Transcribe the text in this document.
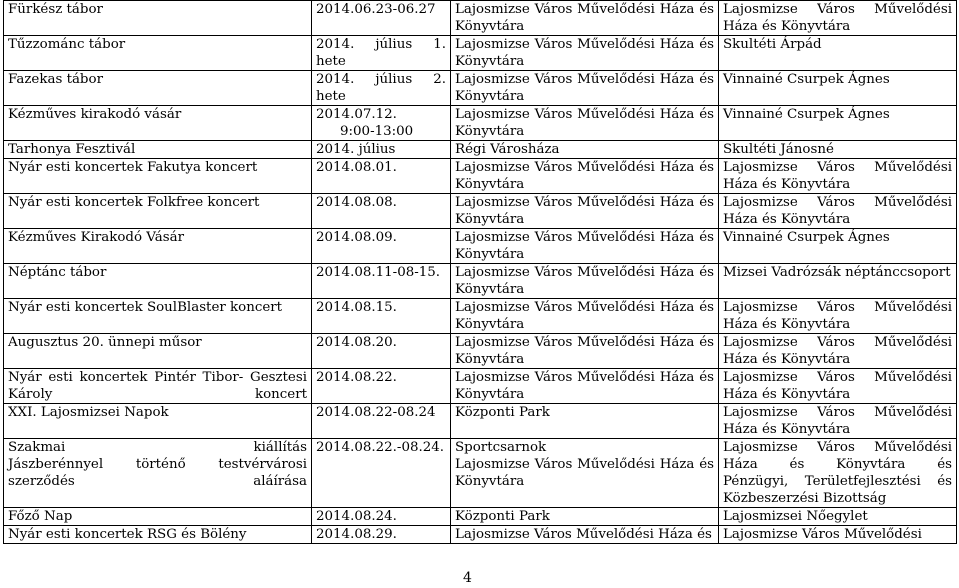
Fürkész tábor	2014.06.23-06.27	Lajosmizse Város Művelődési Háza és
Könyvtára	Lajosmizse Város Művelődési
Háza és Könyvtára

Tűzzománc tábor	2014. július 1. hete	Lajosmizse Város Művelődési Háza és
Könyvtára	Skultéti Árpád

Fazekas tábor	2014. július 2. hete	Lajosmizse Város Művelődési Háza és
Könyvtára	Vinnainé Csurpek Ágnes

Kézműves kirakodó vásár	2014.07.12.
9:00-13:00	Lajosmizse Város Művelődési Háza és
Könyvtára	Vinnainé Csurpek Ágnes

Tarhonya Fesztivál	2014. július	Régi Városháza	Skultéti Jánosné

Nyár esti koncertek Fakutya koncert	2014.08.01.	Lajosmizse Város Művelődési Háza és
Könyvtára	Lajosmizse Város Művelődési
Háza és Könyvtára

Nyár esti koncertek Folkfree koncert	2014.08.08.	Lajosmizse Város Művelődési Háza és
Könyvtára	Lajosmizse Város Művelődési
Háza és Könyvtára

Kézműves Kirakodó Vásár	2014.08.09.	Lajosmizse Város Művelődési Háza és
Könyvtára	Vinnainé Csurpek Ágnes

Néptánc tábor	2014.08.11-08-15.	Lajosmizse Város Művelődési Háza és
Könyvtára	Mizsei Vadrózsák néptánccsoport

Nyár esti koncertek SoulBlaster koncert	2014.08.15.	Lajosmizse Város Művelődési Háza és
Könyvtára	Lajosmizse Város Művelődési
Háza és Könyvtára

Augusztus 20. ünnepi műsor	2014.08.20.	Lajosmizse Város Művelődési Háza és
Könyvtára	Lajosmizse Város Művelődési
Háza és Könyvtára

Nyár esti koncertek Pintér Tibor- Gesztesi
Károly koncert	2014.08.22.	Lajosmizse Város Művelődési Háza és
Könyvtára	Lajosmizse Város Művelődési
Háza és Könyvtára

XXI. Lajosmizsei Napok	2014.08.22-08.24	Központi Park	Lajosmizse Város Művelődési
Háza és Könyvtára

Szakmai kiállítás
Jászberénnyel történő testvérvárosi
szerződés aláírása	2014.08.22.-08.24.	Sportcsarnok
Lajosmizse Város Művelődési Háza és
Könyvtára	Lajosmizse Város Művelődési
Háza és Könyvtára és
Pénzügyi, Területfejlesztési és
Közbeszerzési Bizottság

Főző Nap	2014.08.24.	Központi Park	Lajosmizsei Nőegylet

Nyár esti koncertek RSG és Bölény	2014.08.29.	Lajosmizse Város Művelődési Háza és	Lajosmizse Város Művelődési
4
